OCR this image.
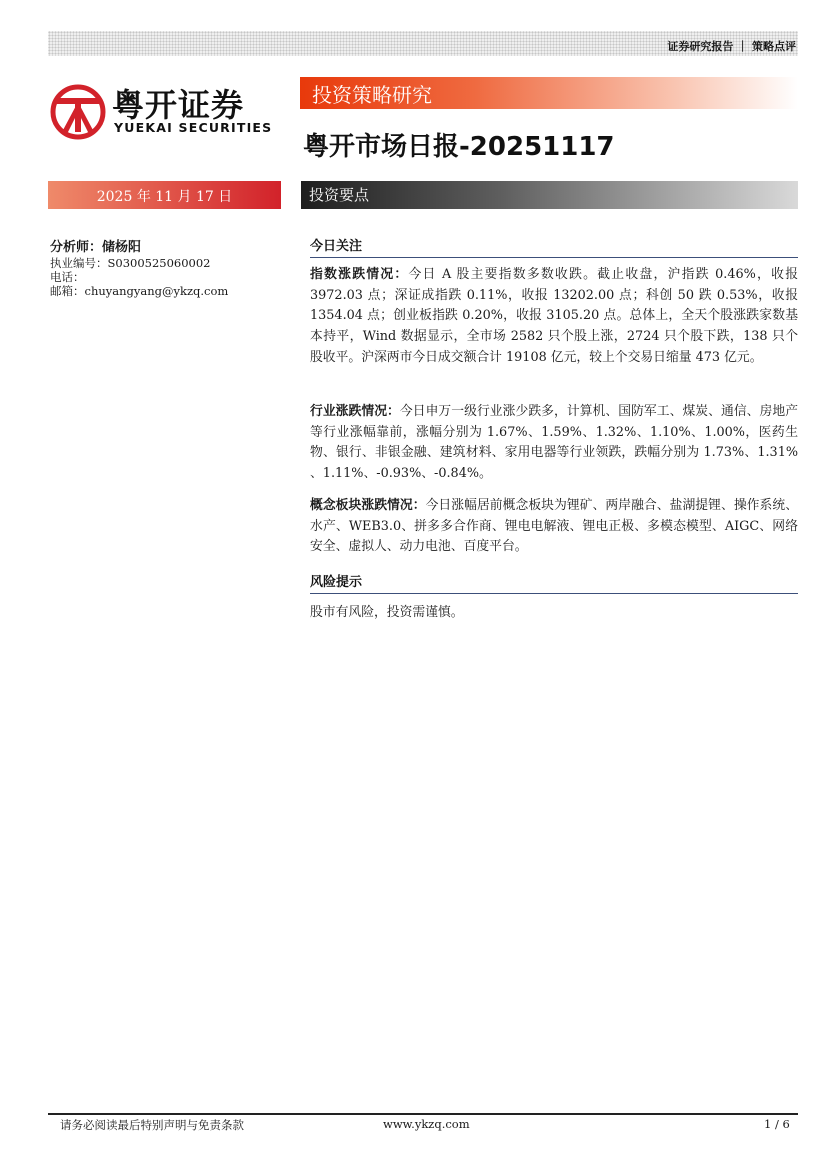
证券研究报告 ｜ 策略点评
粤开证券
YUEKAI SECURITIES
投资策略研究
粤开市场日报-20251117
2025 年 11 月 17 日	投资要点
分析师：储杨阳
执业编号：S0300525060002
电话：
邮箱：chuyangyang@ykzq.com
今日关注
指数涨跌情况：今日 A 股主要指数多数收跌。截止收盘，沪指跌 0.46%，收报 3972.03 点；深证成指跌 0.11%，收报 13202.00 点；科创 50 跌 0.53%，收报 1354.04 点；创业板指跌 0.20%，收报 3105.20 点。总体上，全天个股涨跌家数基本持平，Wind 数据显示，全市场 2582 只个股上涨，2724 只个股下跌，138 只个股收平。沪深两市今日成交额合计 19108 亿元，较上个交易日缩量 473 亿元。
行业涨跌情况：今日申万一级行业涨少跌多，计算机、国防军工、煤炭、通信、房地产等行业涨幅靠前，涨幅分别为 1.67%、1.59%、1.32%、1.10%、1.00%，医药生物、银行、非银金融、建筑材料、家用电器等行业领跌，跌幅分别为 1.73%、1.31% 、1.11%、-0.93%、-0.84%。
概念板块涨跌情况：今日涨幅居前概念板块为锂矿、两岸融合、盐湖提锂、操作系统、水产、WEB3.0、拼多多合作商、锂电电解液、锂电正极、多模态模型、AIGC、网络安全、虚拟人、动力电池、百度平台。
风险提示
股市有风险，投资需谨慎。
请务必阅读最后特别声明与免责条款	www.ykzq.com	1 / 6
